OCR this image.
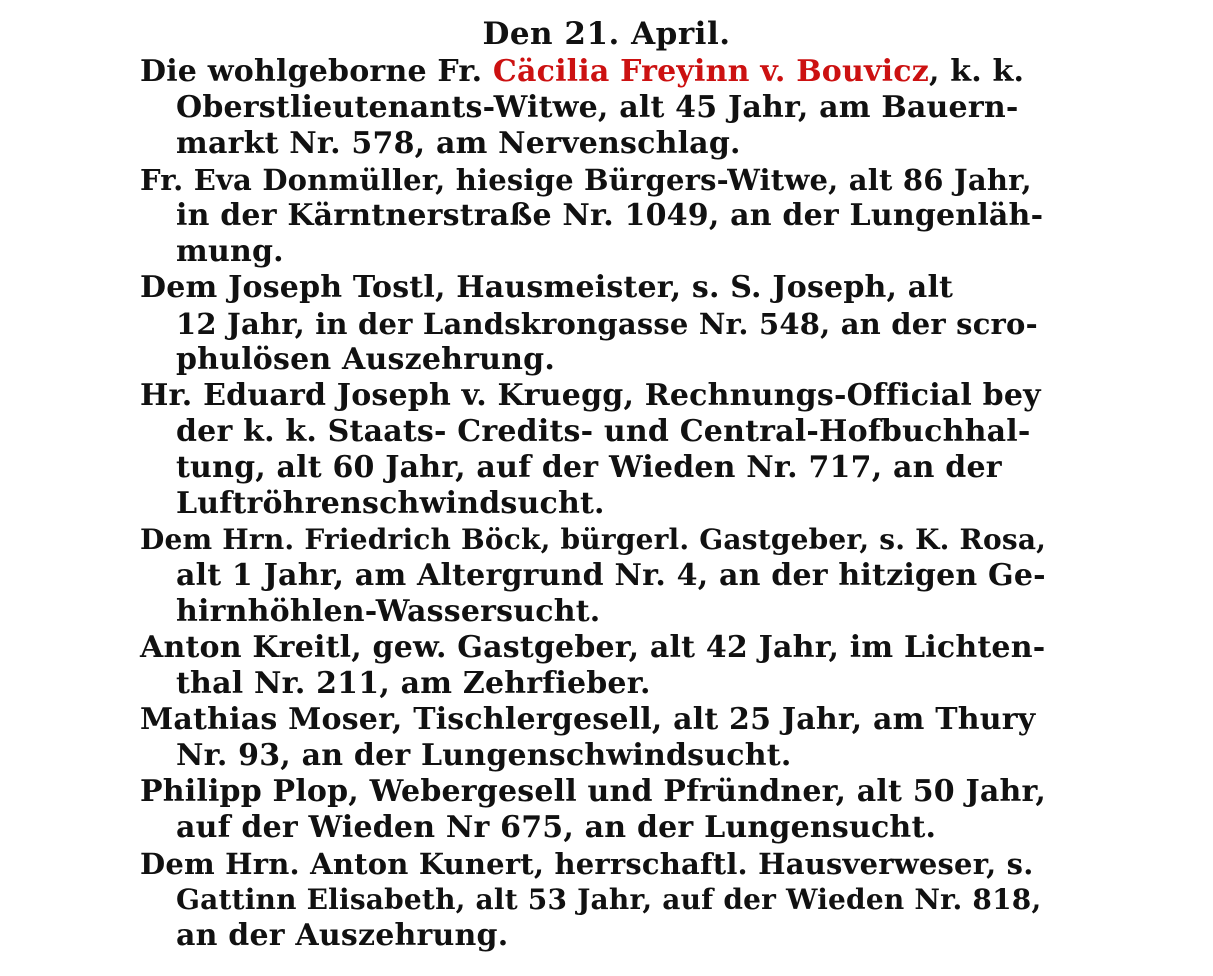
Den 21. April.
Die wohlgeborne Fr. Cäcilia Freyinn v. Bouvicz, k. k.
Oberstlieutenants-Witwe, alt 45 Jahr, am Bauern-
markt Nr. 578, am Nervenschlag.
Fr. Eva Donmüller, hiesige Bürgers-Witwe, alt 86 Jahr,
in der Kärntnerstraße Nr. 1049, an der Lungenläh-
mung.
Dem Joseph Tostl, Hausmeister, s. S. Joseph, alt
12 Jahr, in der Landskrongasse Nr. 548, an der scro-
phulösen Auszehrung.
Hr. Eduard Joseph v. Kruegg, Rechnungs-Official bey
der k. k. Staats- Credits- und Central-Hofbuchhal-
tung, alt 60 Jahr, auf der Wieden Nr. 717, an der
Luftröhrenschwindsucht.
Dem Hrn. Friedrich Böck, bürgerl. Gastgeber, s. K. Rosa,
alt 1 Jahr, am Altergrund Nr. 4, an der hitzigen Ge-
hirnhöhlen-Wassersucht.
Anton Kreitl, gew. Gastgeber, alt 42 Jahr, im Lichten-
thal Nr. 211, am Zehrfieber.
Mathias Moser, Tischlergesell, alt 25 Jahr, am Thury
Nr. 93, an der Lungenschwindsucht.
Philipp Plop, Webergesell und Pfründner, alt 50 Jahr,
auf der Wieden Nr 675, an der Lungensucht.
Dem Hrn. Anton Kunert, herrschaftl. Hausverweser, s.
Gattinn Elisabeth, alt 53 Jahr, auf der Wieden Nr. 818,
an der Auszehrung.
